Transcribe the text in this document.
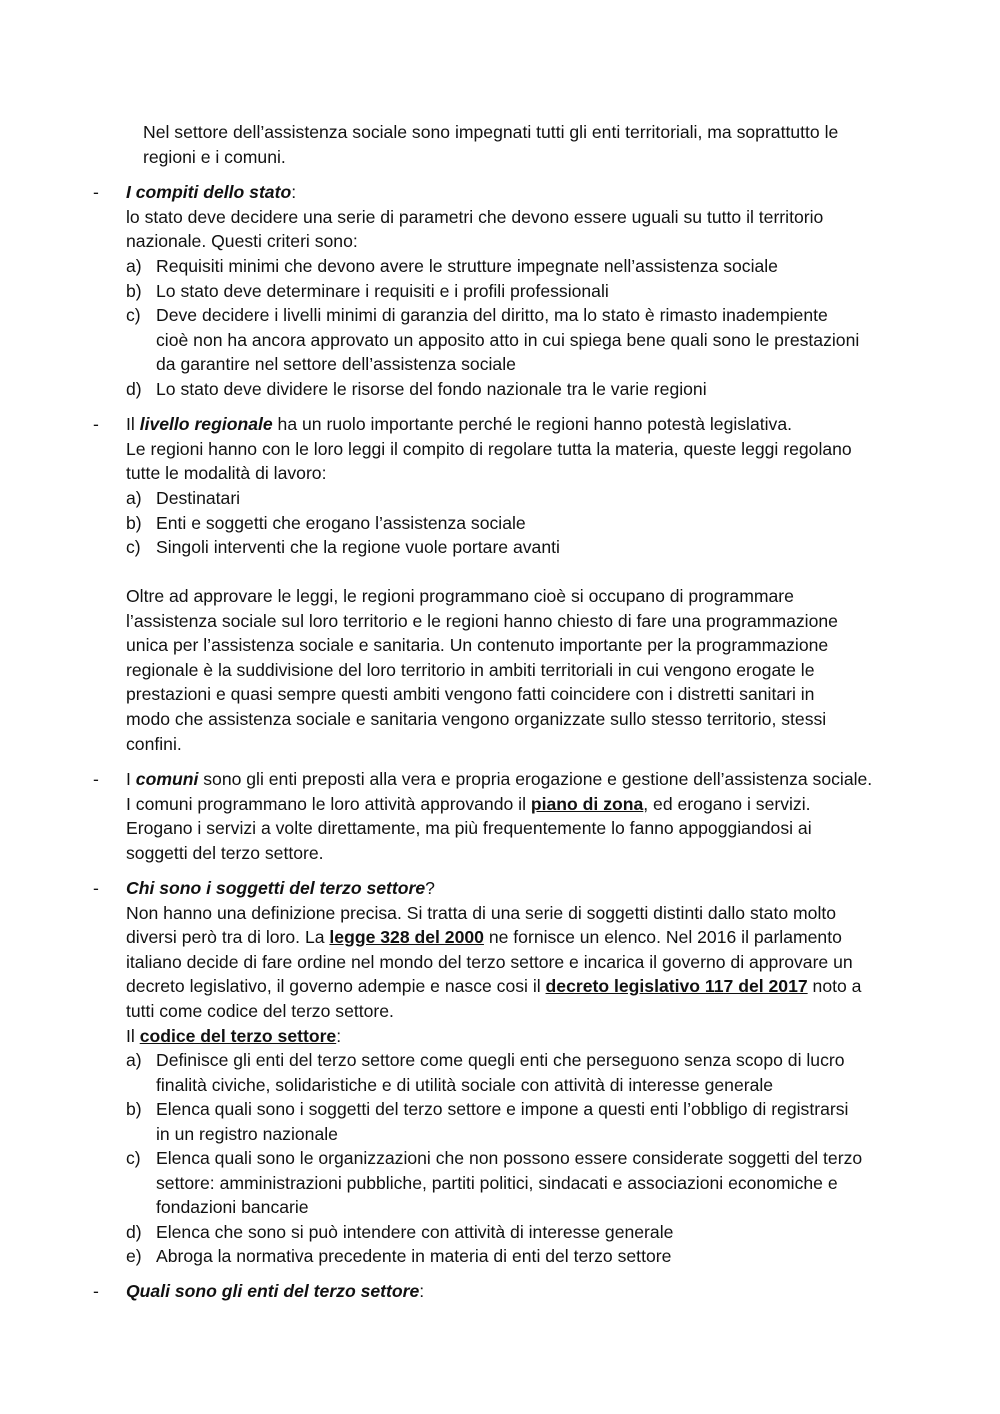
Nel settore dell’assistenza sociale sono impegnati tutti gli enti territoriali, ma soprattutto le
regioni e i comuni.
- I compiti dello stato:
lo stato deve decidere una serie di parametri che devono essere uguali su tutto il territorio
nazionale. Questi criteri sono:
a) Requisiti minimi che devono avere le strutture impegnate nell’assistenza sociale
b) Lo stato deve determinare i requisiti e i profili professionali
c) Deve decidere i livelli minimi di garanzia del diritto, ma lo stato è rimasto inadempiente
cioè non ha ancora approvato un apposito atto in cui spiega bene quali sono le prestazioni
da garantire nel settore dell’assistenza sociale
d) Lo stato deve dividere le risorse del fondo nazionale tra le varie regioni
- Il livello regionale ha un ruolo importante perché le regioni hanno potestà legislativa.
Le regioni hanno con le loro leggi il compito di regolare tutta la materia, queste leggi regolano
tutte le modalità di lavoro:
a) Destinatari
b) Enti e soggetti che erogano l’assistenza sociale
c) Singoli interventi che la regione vuole portare avanti
Oltre ad approvare le leggi, le regioni programmano cioè si occupano di programmare
l’assistenza sociale sul loro territorio e le regioni hanno chiesto di fare una programmazione
unica per l’assistenza sociale e sanitaria. Un contenuto importante per la programmazione
regionale è la suddivisione del loro territorio in ambiti territoriali in cui vengono erogate le
prestazioni e quasi sempre questi ambiti vengono fatti coincidere con i distretti sanitari in
modo che assistenza sociale e sanitaria vengono organizzate sullo stesso territorio, stessi
confini.
- I comuni sono gli enti preposti alla vera e propria erogazione e gestione dell’assistenza sociale.
I comuni programmano le loro attività approvando il piano di zona, ed erogano i servizi.
Erogano i servizi a volte direttamente, ma più frequentemente lo fanno appoggiandosi ai
soggetti del terzo settore.
- Chi sono i soggetti del terzo settore?
Non hanno una definizione precisa. Si tratta di una serie di soggetti distinti dallo stato molto
diversi però tra di loro. La legge 328 del 2000 ne fornisce un elenco. Nel 2016 il parlamento
italiano decide di fare ordine nel mondo del terzo settore e incarica il governo di approvare un
decreto legislativo, il governo adempie e nasce cosi il decreto legislativo 117 del 2017 noto a
tutti come codice del terzo settore.
Il codice del terzo settore:
a) Definisce gli enti del terzo settore come quegli enti che perseguono senza scopo di lucro
finalità civiche, solidaristiche e di utilità sociale con attività di interesse generale
b) Elenca quali sono i soggetti del terzo settore e impone a questi enti l’obbligo di registrarsi
in un registro nazionale
c) Elenca quali sono le organizzazioni che non possono essere considerate soggetti del terzo
settore: amministrazioni pubbliche, partiti politici, sindacati e associazioni economiche e
fondazioni bancarie
d) Elenca che sono si può intendere con attività di interesse generale
e) Abroga la normativa precedente in materia di enti del terzo settore
- Quali sono gli enti del terzo settore:
